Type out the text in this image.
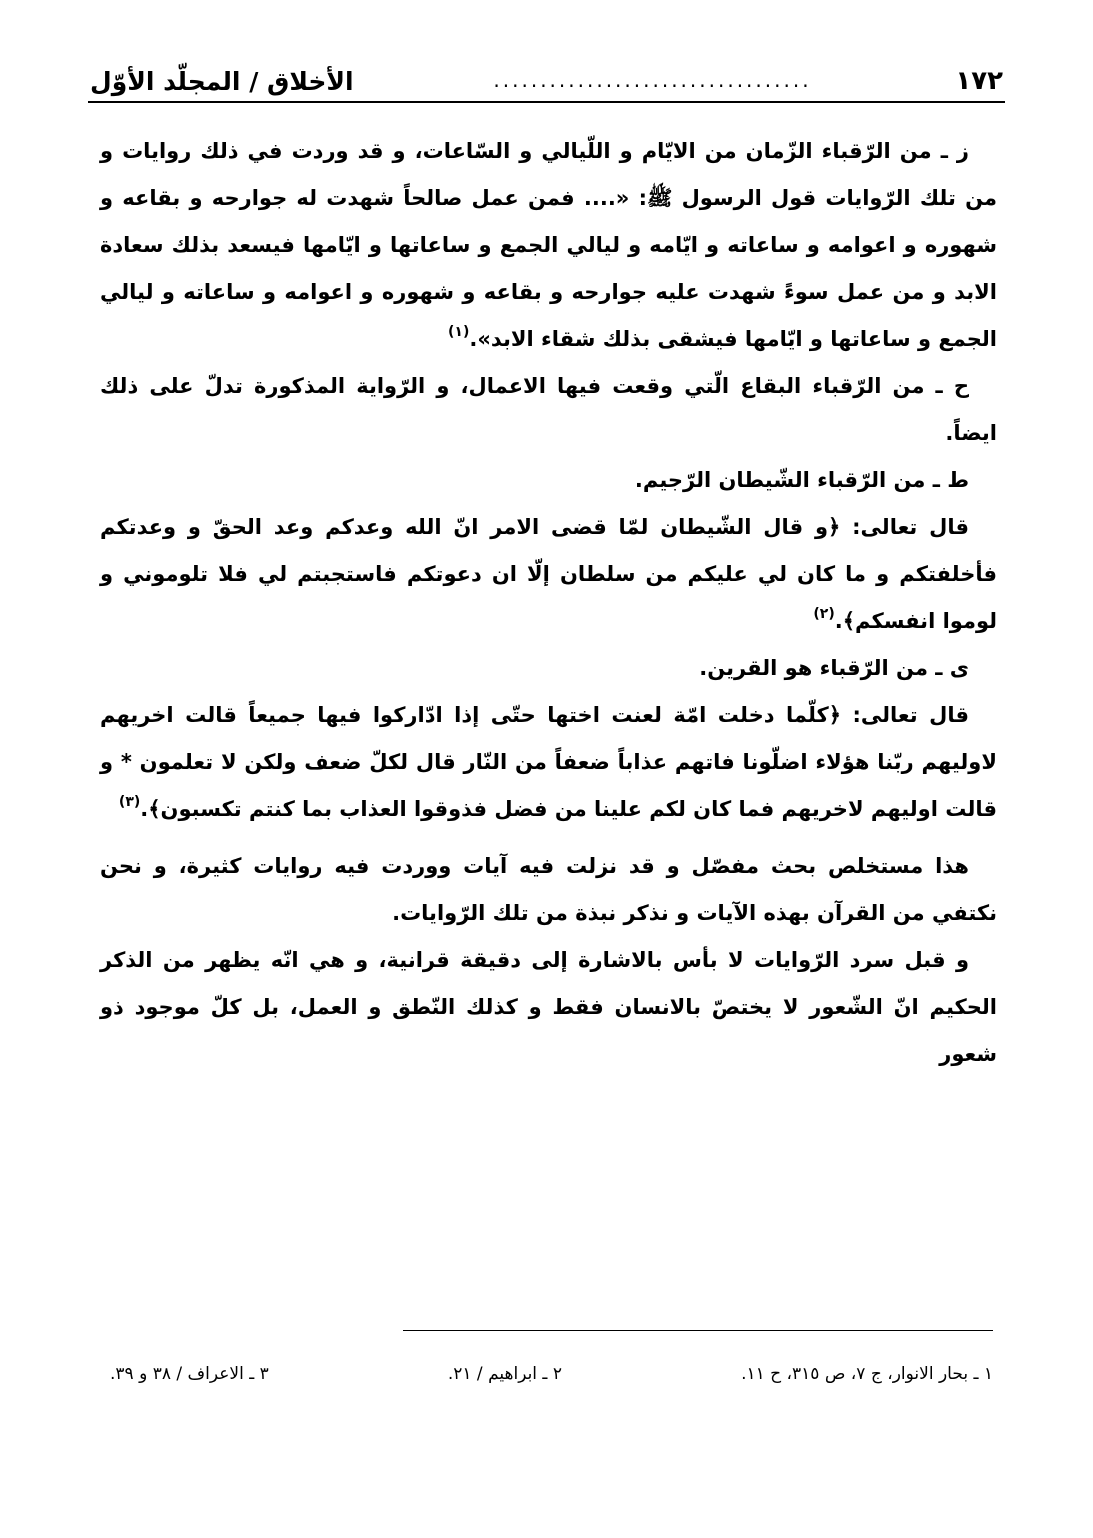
١٧٢
..................................
الأخلاق / المجلّد الأوّل

ز ـ من الرّقباء الزّمان من الايّام و اللّيالي و السّاعات، و قد وردت في ذلك روايات و من تلك الرّوايات قول الرسول ﷺ: «.... فمن عمل صالحاً شهدت له جوارحه و بقاعه و شهوره و اعوامه و ساعاته و ايّامه و ليالي الجمع و ساعاتها و ايّامها فيسعد بذلك سعادة الابد و من عمل سوءً شهدت عليه جوارحه و بقاعه و شهوره و اعوامه و ساعاته و ليالي الجمع و ساعاتها و ايّامها فيشقى بذلك شقاء الابد».$^{(١)}$

ح ـ من الرّقباء البقاع الّتي وقعت فيها الاعمال، و الرّواية المذكورة تدلّ على ذلك ايضاً.

ط ـ من الرّقباء الشّيطان الرّجيم.

قال تعالى: ﴿و قال الشّيطان لمّا قضى الامر انّ الله وعدكم وعد الحقّ و وعدتكم فأخلفتكم و ما كان لي عليكم من سلطان إلّا ان دعوتكم فاستجبتم لي فلا تلوموني و لوموا انفسكم﴾.$^{(٢)}$

ى ـ من الرّقباء هو القرين.

قال تعالى: ﴿كلّما دخلت امّة لعنت اختها حتّى إذا ادّاركوا فيها جميعاً قالت اخريهم لاوليهم ربّنا هؤلاء اضلّونا فاتهم عذاباً ضعفاً من النّار قال لكلّ ضعف ولكن لا تعلمون * و قالت اوليهم لاخريهم فما كان لكم علينا من فضل فذوقوا العذاب بما كنتم تكسبون﴾.$^{(٣)}$

هذا مستخلص بحث مفصّل و قد نزلت فيه آيات ووردت فيه روايات كثيرة، و نحن نكتفي من القرآن بهذه الآيات و نذكر نبذة من تلك الرّوايات.

و قبل سرد الرّوايات لا بأس بالاشارة إلى دقيقة قرانية، و هي انّه يظهر من الذكر الحكيم انّ الشّعور لا يختصّ بالانسان فقط و كذلك النّطق و العمل، بل كلّ موجود ذو شعور

١ ـ بحار الانوار، ج ٧، ص ٣١٥، ح ١١.
٢ ـ ابراهيم / ٢١.
٣ ـ الاعراف / ٣٨ و ٣٩.
